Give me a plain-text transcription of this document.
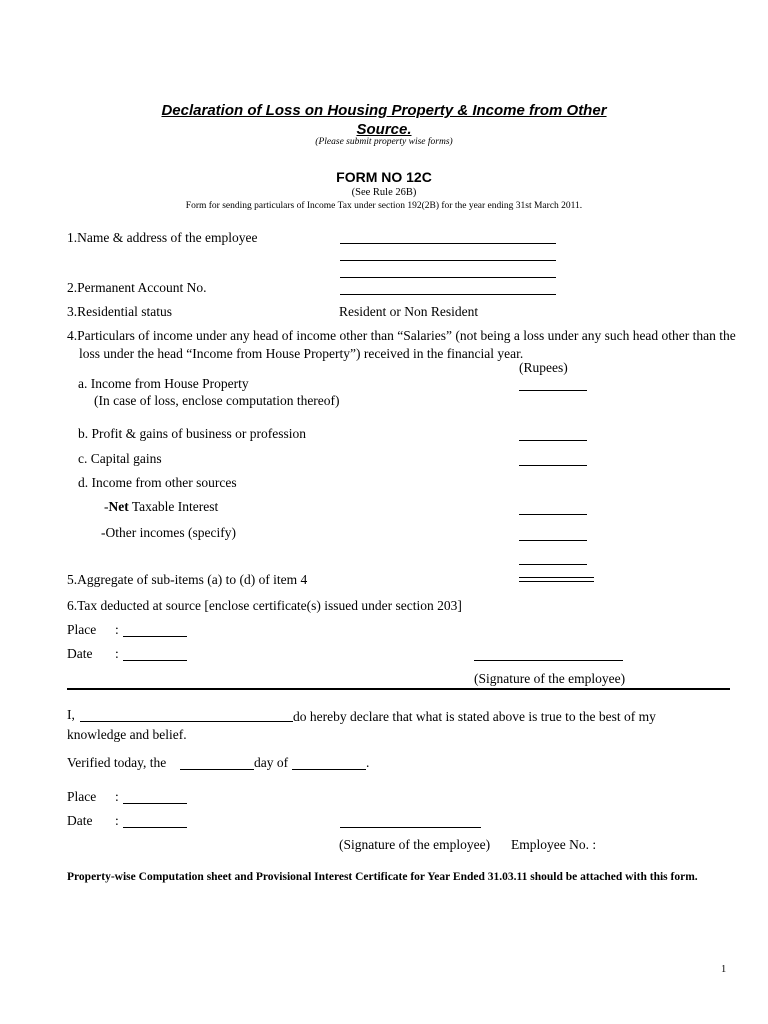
Declaration of Loss on Housing Property & Income from Other
Source.
(Please submit property wise forms)
FORM NO 12C
(See Rule 26B)
Form for sending particulars of Income Tax under section 192(2B) for the year ending 31st March 2011.
1.Name & address of the employee
2.Permanent Account No.
3.Residential status	Resident or Non Resident
4.Particulars of income under any head of income other than “Salaries” (not being a loss under any such head other than the loss under the head “Income from House Property”) received in the financial year.
(Rupees)
a. Income from House Property
(In case of loss, enclose computation thereof)
b. Profit & gains of business or profession
c. Capital gains
d. Income from other sources
-Net Taxable Interest
-Other incomes (specify)
5.Aggregate of sub-items (a) to (d) of item 4
6.Tax deducted at source [enclose certificate(s) issued under section 203]
Place :
Date :
(Signature of the employee)
I,	do hereby declare that what is stated above is true to the best of my knowledge and belief.
Verified today, the	day of	.
Place :
Date :
(Signature of the employee) Employee No. :
Property-wise Computation sheet and Provisional Interest Certificate for Year Ended 31.03.11 should be attached with this form.
1
